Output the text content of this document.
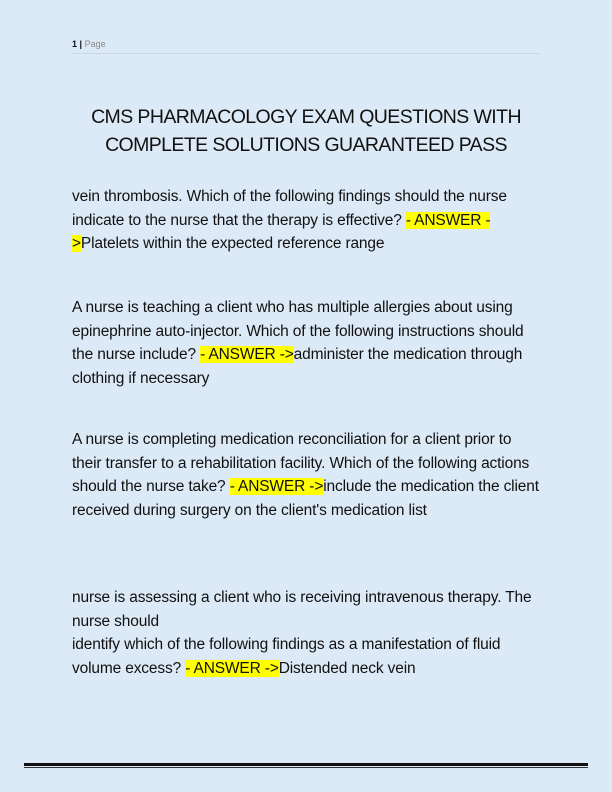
1 | Page
CMS PHARMACOLOGY EXAM QUESTIONS WITH
COMPLETE SOLUTIONS GUARANTEED PASS

vein thrombosis. Which of the following findings should the nurse indicate to the nurse that the therapy is effective? - ANSWER ->Platelets within the expected reference range

A nurse is teaching a client who has multiple allergies about using epinephrine auto-injector. Which of the following instructions should the nurse include? - ANSWER ->administer the medication through clothing if necessary

A nurse is completing medication reconciliation for a client prior to their transfer to a rehabilitation facility. Which of the following actions should the nurse take? - ANSWER ->include the medication the client received during surgery on the client's medication list

nurse is assessing a client who is receiving intravenous therapy. The nurse should
identify which of the following findings as a manifestation of fluid volume excess? - ANSWER ->Distended neck vein
